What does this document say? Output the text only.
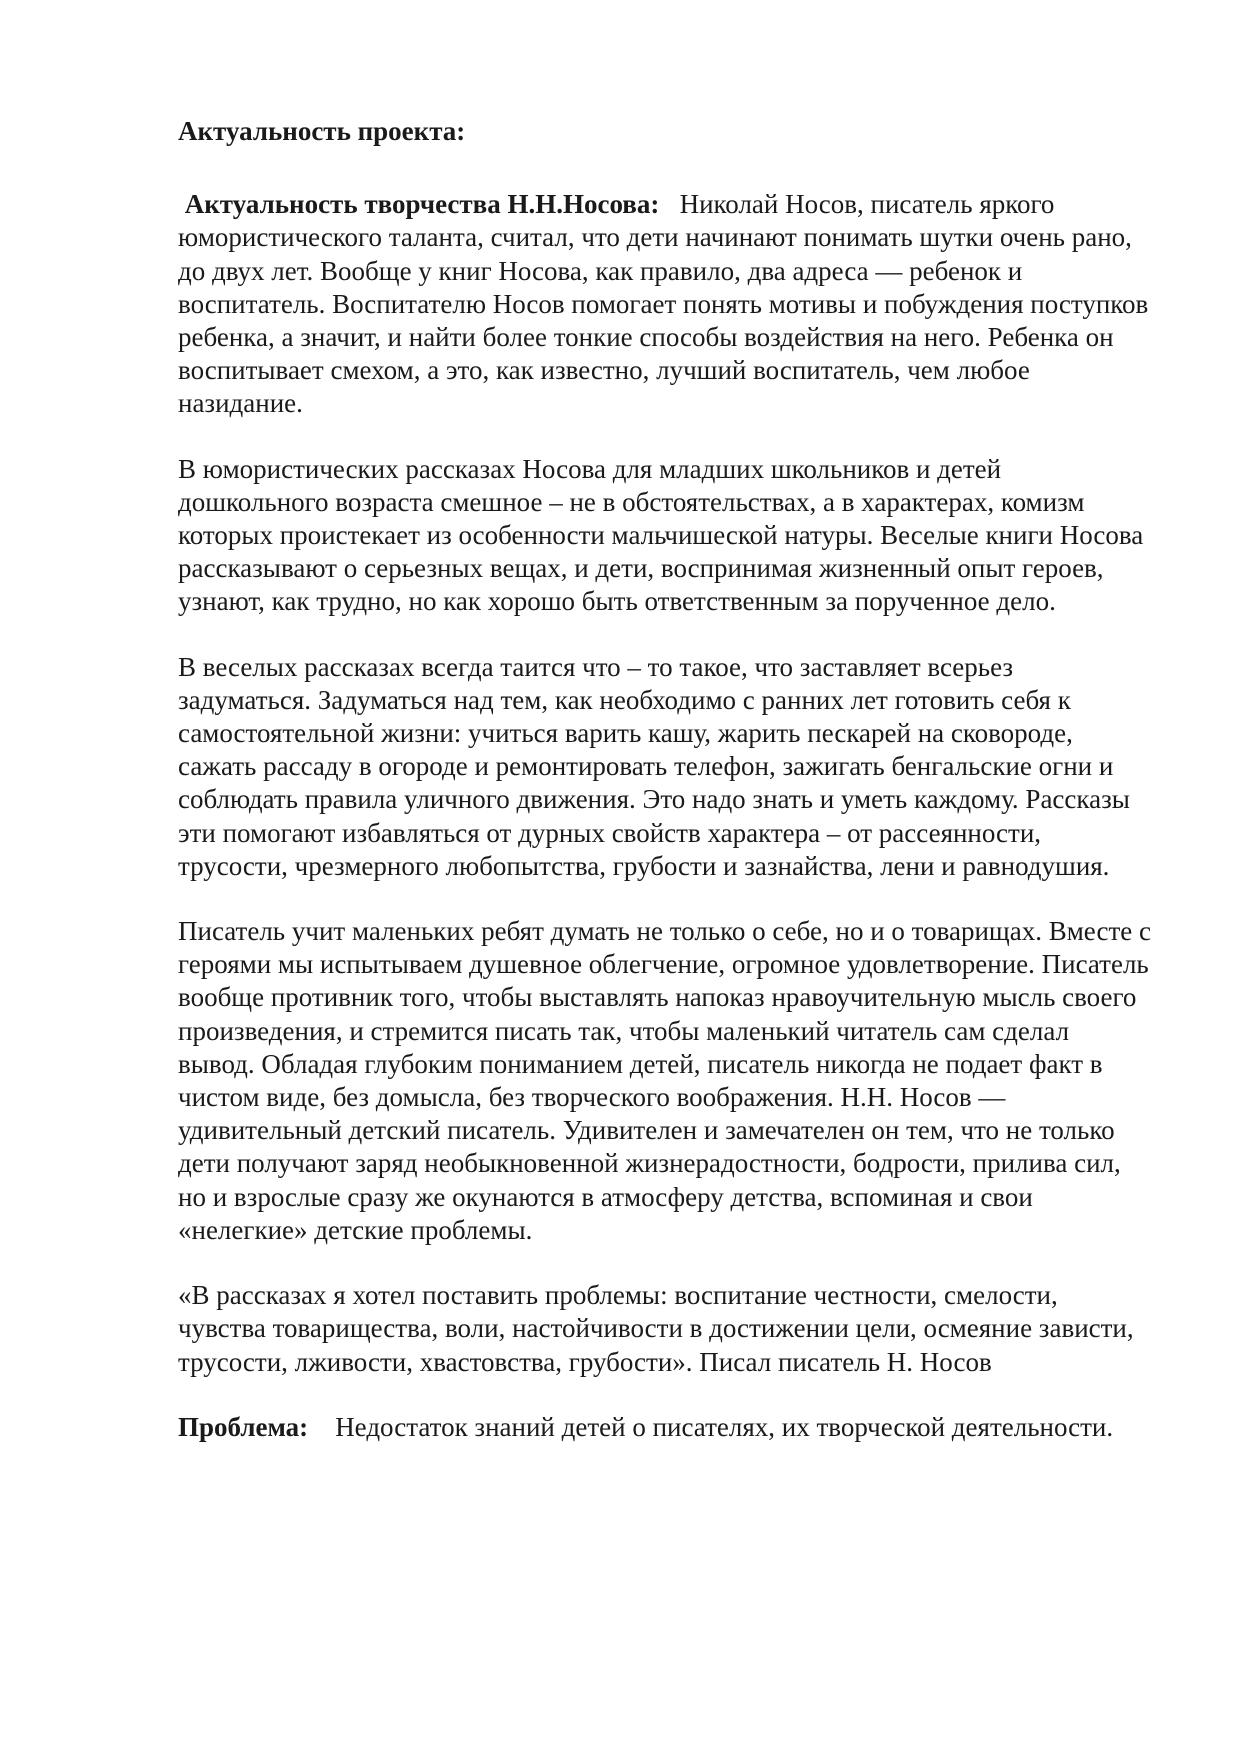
Актуальность проекта:

Актуальность творчества Н.Н.Носова: Николай Носов, писатель яркого юмористического таланта, считал, что дети начинают понимать шутки очень рано, до двух лет. Вообще у книг Носова, как правило, два адреса — ребенок и воспитатель. Воспитателю Носов помогает понять мотивы и побуждения поступков ребенка, а значит, и найти более тонкие способы воздействия на него. Ребенка он воспитывает смехом, а это, как известно, лучший воспитатель, чем любое назидание.

В юмористических рассказах Носова для младших школьников и детей дошкольного возраста смешное – не в обстоятельствах, а в характерах, комизм которых проистекает из особенности мальчишеской натуры. Веселые книги Носова рассказывают о серьезных вещах, и дети, воспринимая жизненный опыт героев, узнают, как трудно, но как хорошо быть ответственным за порученное дело.

В веселых рассказах всегда таится что – то такое, что заставляет всерьез задуматься. Задуматься над тем, как необходимо с ранних лет готовить себя к самостоятельной жизни: учиться варить кашу, жарить пескарей на сковороде, сажать рассаду в огороде и ремонтировать телефон, зажигать бенгальские огни и соблюдать правила уличного движения. Это надо знать и уметь каждому. Рассказы эти помогают избавляться от дурных свойств характера – от рассеянности, трусости, чрезмерного любопытства, грубости и зазнайства, лени и равнодушия.

Писатель учит маленьких ребят думать не только о себе, но и о товарищах. Вместе с героями мы испытываем душевное облегчение, огромное удовлетворение. Писатель вообще противник того, чтобы выставлять напоказ нравоучительную мысль своего произведения, и стремится писать так, чтобы маленький читатель сам сделал вывод. Обладая глубоким пониманием детей, писатель никогда не подает факт в чистом виде, без домысла, без творческого воображения. Н.Н. Носов — удивительный детский писатель. Удивителен и замечателен он тем, что не только дети получают заряд необыкновенной жизнерадостности, бодрости, прилива сил, но и взрослые сразу же окунаются в атмосферу детства, вспоминая и свои «нелегкие» детские проблемы.

«В рассказах я хотел поставить проблемы: воспитание честности, смелости, чувства товарищества, воли, настойчивости в достижении цели, осмеяние зависти, трусости, лживости, хвастовства, грубости». Писал писатель Н. Носов

Проблема: Недостаток знаний детей о писателях, их творческой деятельности.
